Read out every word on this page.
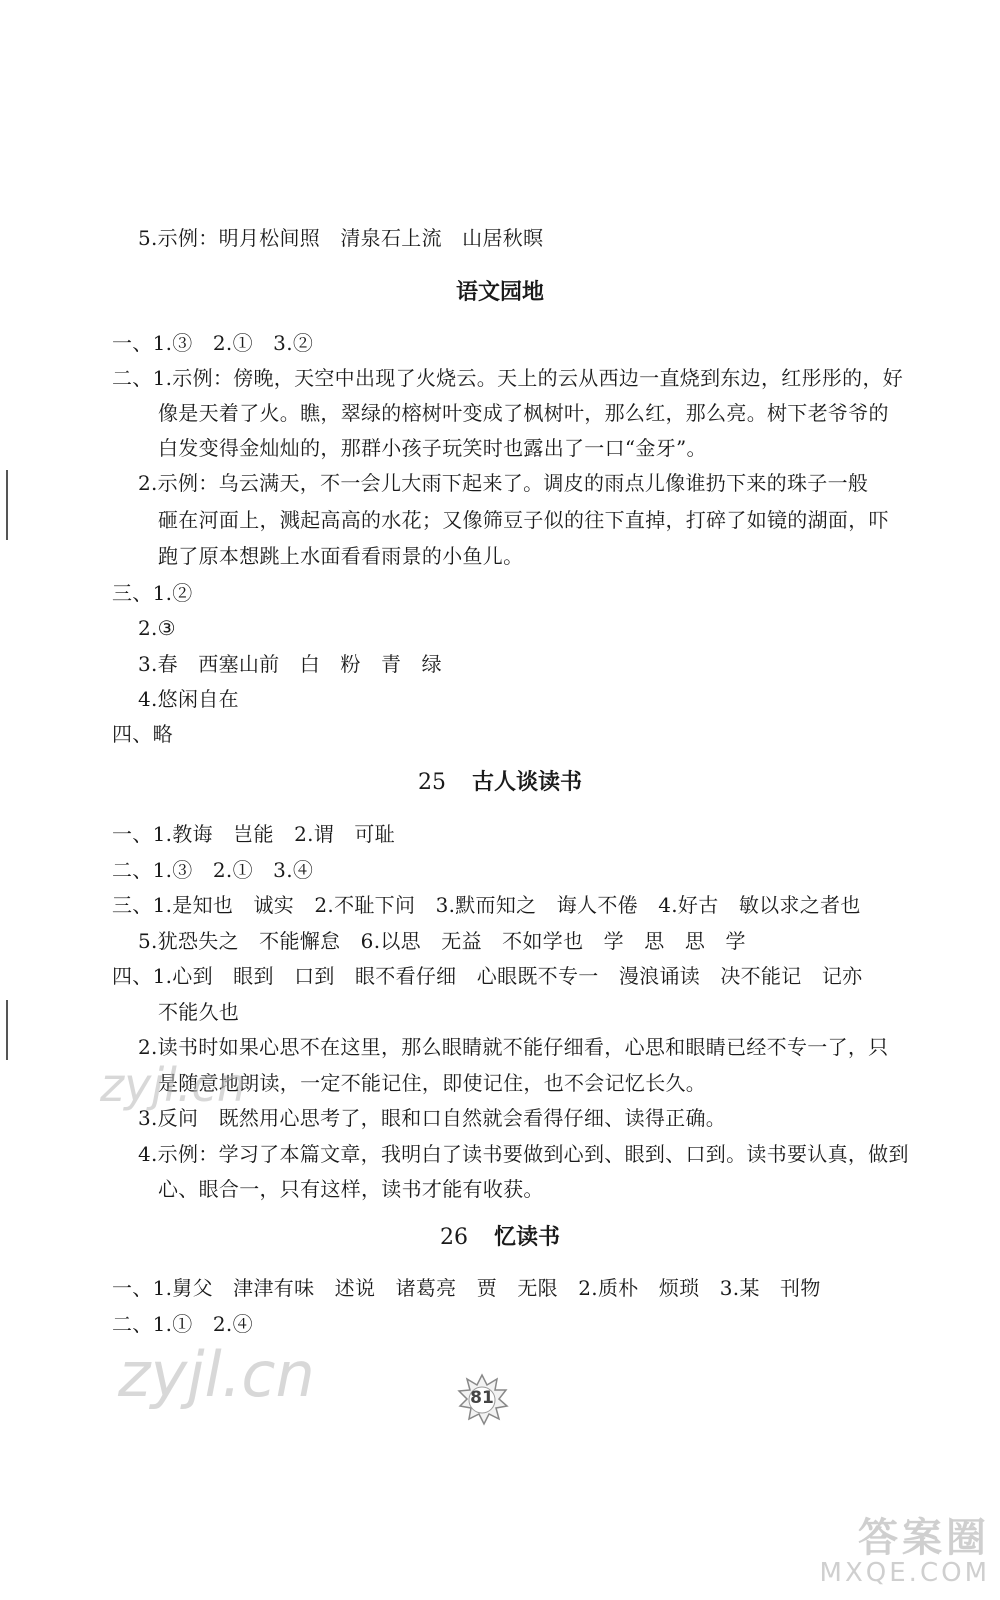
5.示例：明月松间照　清泉石上流　山居秋暝
语文园地
一、1.③　2.①　3.②
二、1.示例：傍晚，天空中出现了火烧云。天上的云从西边一直烧到东边，红彤彤的，好
像是天着了火。瞧，翠绿的榕树叶变成了枫树叶，那么红，那么亮。树下老爷爷的
白发变得金灿灿的，那群小孩子玩笑时也露出了一口“金牙”。
2.示例：乌云满天，不一会儿大雨下起来了。调皮的雨点儿像谁扔下来的珠子一般
砸在河面上，溅起高高的水花；又像筛豆子似的往下直掉，打碎了如镜的湖面，吓
跑了原本想跳上水面看看雨景的小鱼儿。
三、1.②
2.③
3.春　西塞山前　白　粉　青　绿
4.悠闲自在
四、略
25 古人谈读书
一、1.教诲　岂能　2.谓　可耻
二、1.③　2.①　3.④
三、1.是知也　诚实　2.不耻下问　3.默而知之　诲人不倦　4.好古　敏以求之者也
5.犹恐失之　不能懈怠　6.以思　无益　不如学也　学　思　思　学
四、1.心到　眼到　口到　眼不看仔细　心眼既不专一　漫浪诵读　决不能记　记亦
不能久也
2.读书时如果心思不在这里，那么眼睛就不能仔细看，心思和眼睛已经不专一了，只
是随意地朗读，一定不能记住，即使记住，也不会记忆长久。
3.反问　既然用心思考了，眼和口自然就会看得仔细、读得正确。
4.示例：学习了本篇文章，我明白了读书要做到心到、眼到、口到。读书要认真，做到
心、眼合一，只有这样，读书才能有收获。
26 忆读书
一、1.舅父　津津有味　述说　诸葛亮　贾　无限　2.质朴　烦琐　3.某　刊物
二、1.①　2.④
zyjl.cn
zyjl.cn	81
答案圈
MXQE.COM
